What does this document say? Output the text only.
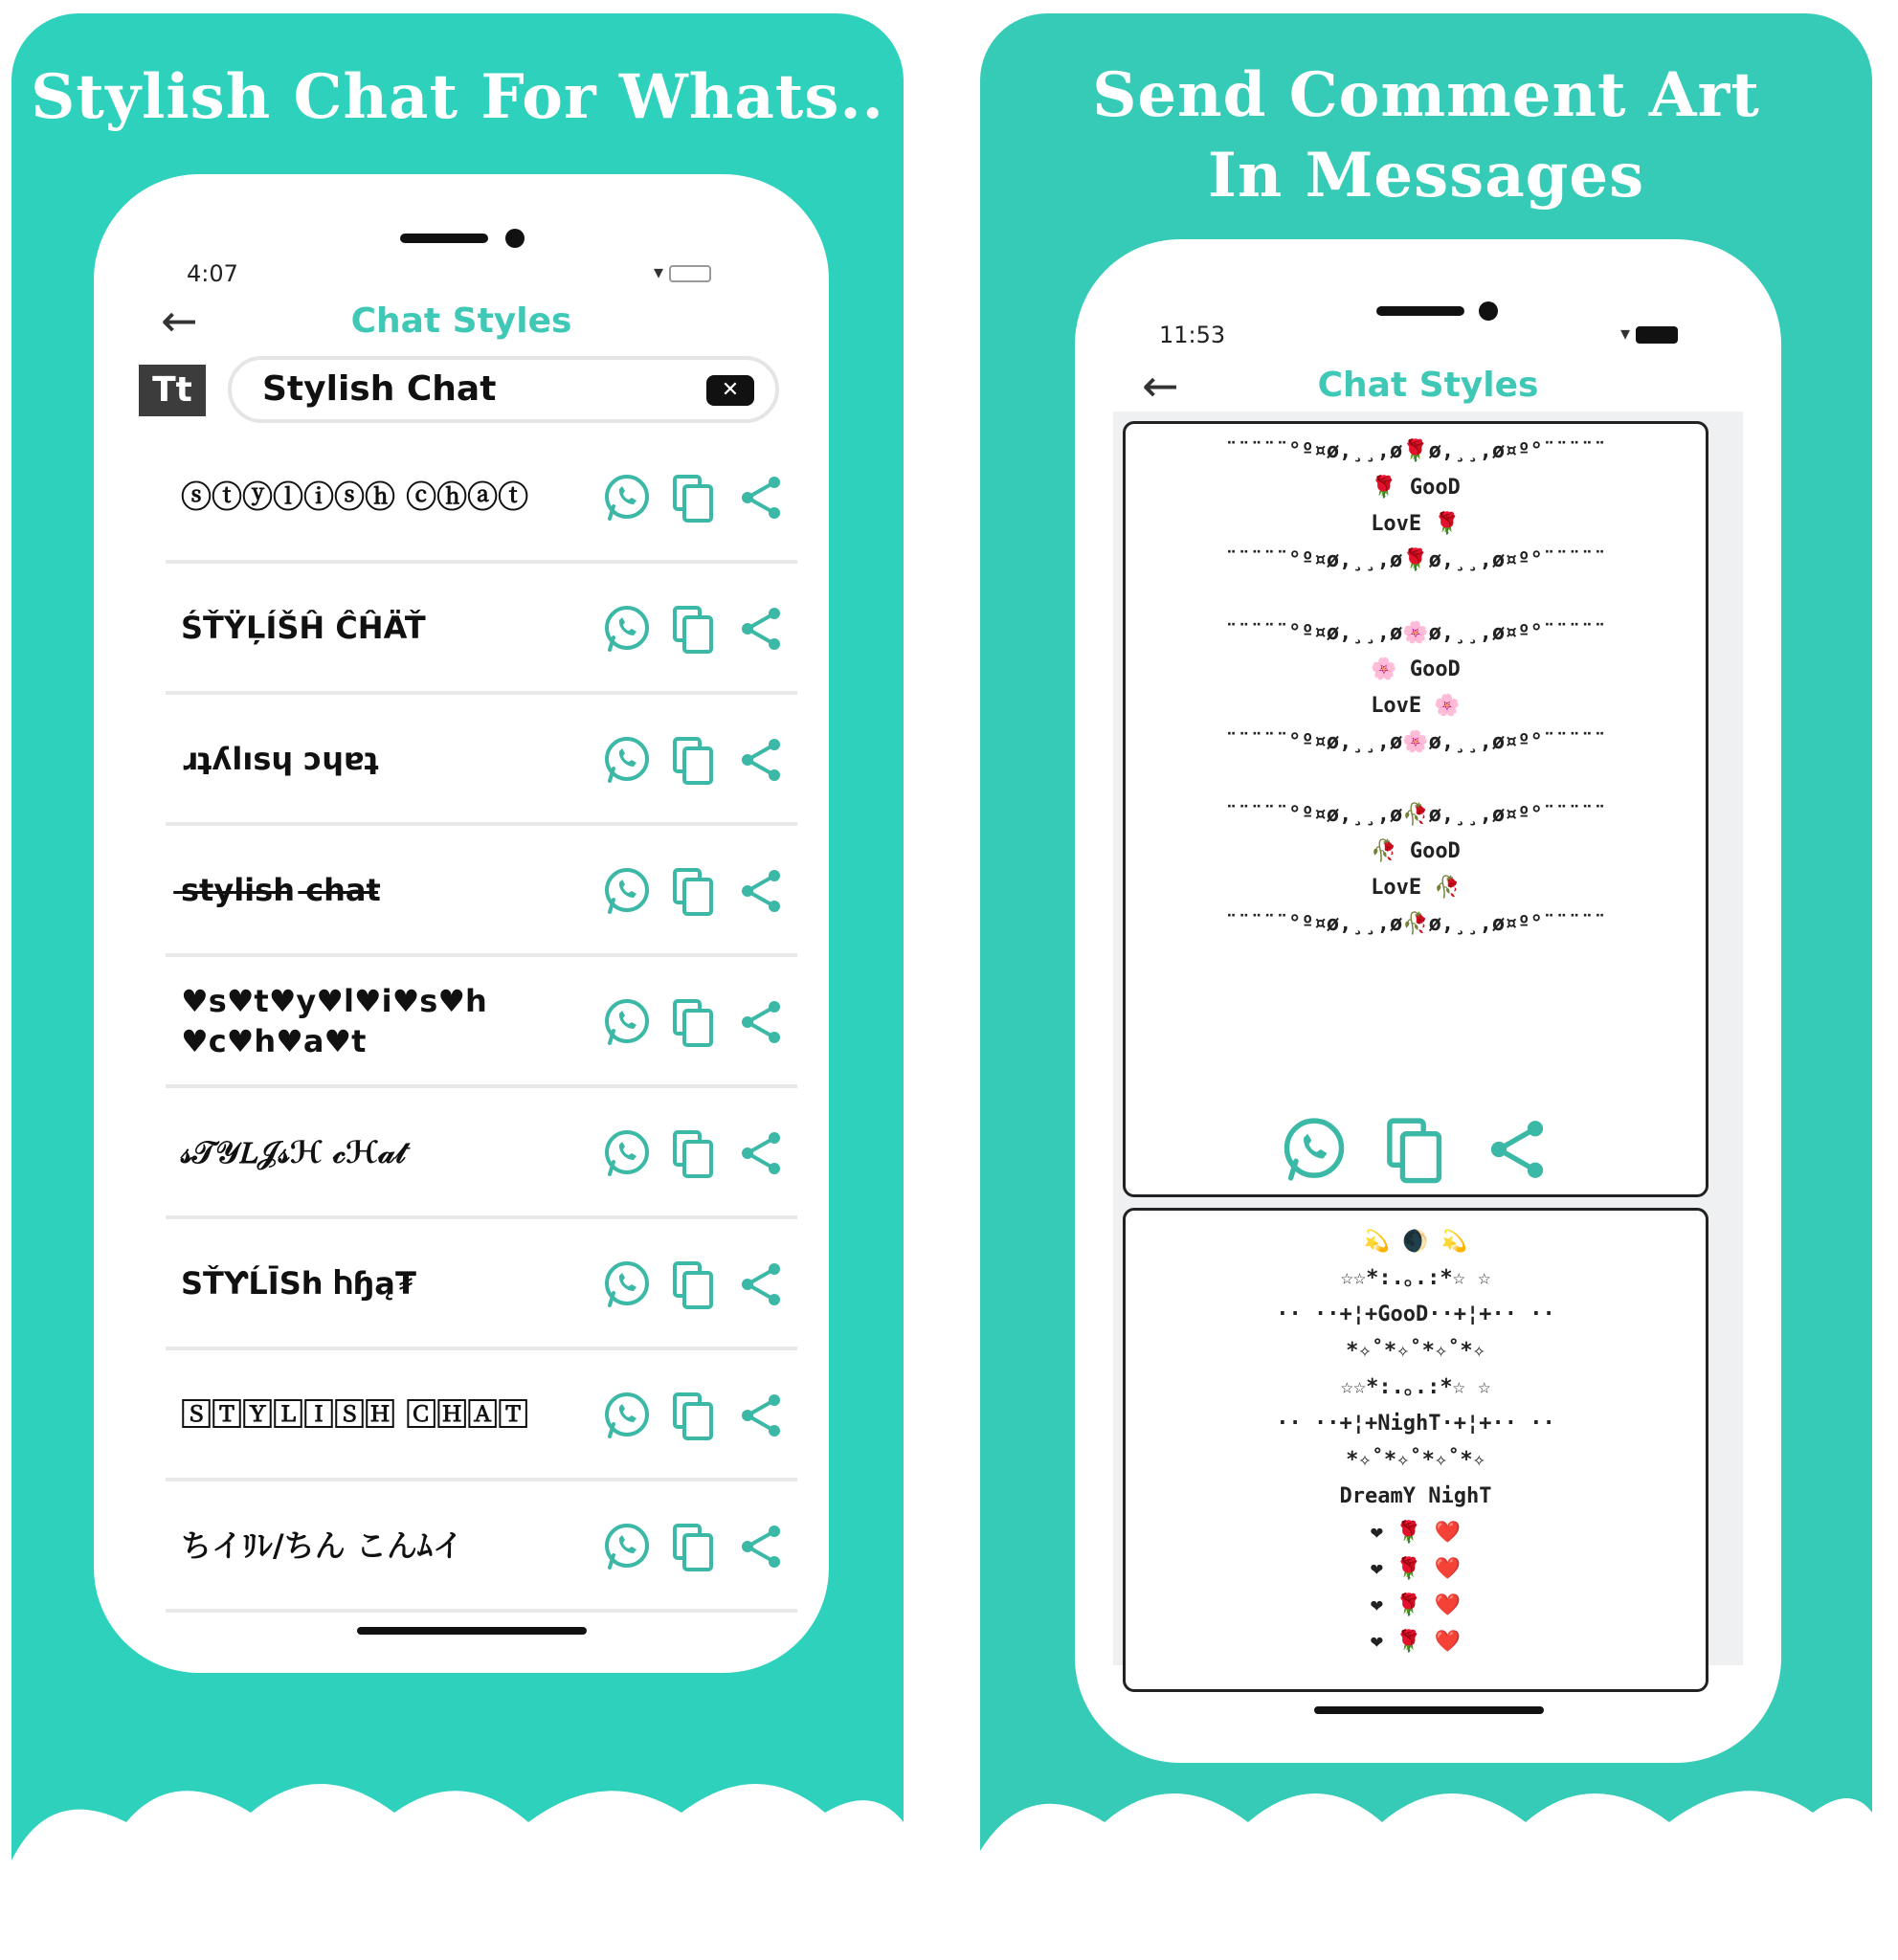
Stylish Chat For Whats..
4:07	▾
←	Chat Styles
Tt	Stylish Chat	✕
ⓢⓣⓨⓛⓘⓢⓗ ⓒⓗⓐⓣ
ŚŤŸĻÍŠĤ ĈĤÄŤ
ɹʇʎlısɥ ɔɥɐʇ
s̶t̶y̶l̶i̶s̶h̶ c̶h̶a̶t̶
♥s♥t♥y♥l♥i♥s♥h
♥c♥h♥a♥t
𝓈𝒯𝒴𝐿𝒥𝓈ℋ 𝒸ℋ𝒶𝓉
SŤƳĹĪSh Ⴙɧą₮
🅂🅃🅈🄻🄸🅂🄷 🄲🄷🄰🅃
ちイﾘﾚ/ちん こんﾑイ
Send Comment Art
In Messages
11:53	▾
←	Chat Styles
¨¨¨¨¨°º¤ø,¸¸,ø🌹ø,¸¸,ø¤º°¨¨¨¨¨
🌹 GooD
LovE 🌹
¨¨¨¨¨°º¤ø,¸¸,ø🌹ø,¸¸,ø¤º°¨¨¨¨¨

¨¨¨¨¨°º¤ø,¸¸,ø🌸ø,¸¸,ø¤º°¨¨¨¨¨
🌸 GooD
LovE 🌸
¨¨¨¨¨°º¤ø,¸¸,ø🌸ø,¸¸,ø¤º°¨¨¨¨¨

¨¨¨¨¨°º¤ø,¸¸,ø🥀ø,¸¸,ø¤º°¨¨¨¨¨
🥀 GooD
LovE 🥀
¨¨¨¨¨°º¤ø,¸¸,ø🥀ø,¸¸,ø¤º°¨¨¨¨¨
💫 🌒 💫
☆☆*:.｡.:*☆ ☆
·· ··+¦+GooD··+¦+·· ··
*✧˚*✧˚*✧˚*✧
☆☆*:.｡.:*☆ ☆
·· ··+¦+NighT·+¦+·· ··
*✧˚*✧˚*✧˚*✧
DreamY NighT
❤ 🌹 ❤️
❤ 🌹 ❤️
❤ 🌹 ❤️
❤ 🌹 ❤️
